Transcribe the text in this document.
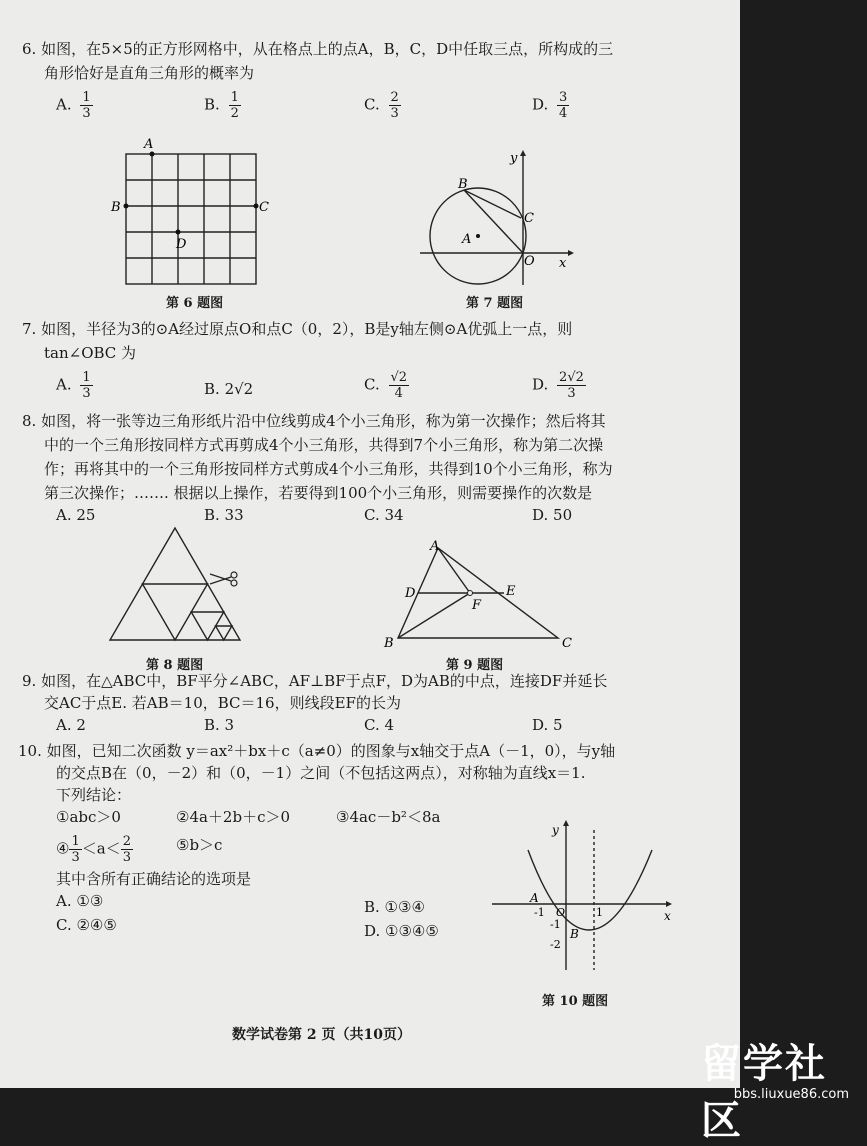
6. 如图，在5×5的正方形网格中，从在格点上的点A，B，C，D中任取三点，所构成的三
角形恰好是直角三角形的概率为
A. $\frac{1}{3}$	B. $\frac{1}{2}$	C. $\frac{2}{3}$	D. $\frac{3}{4}$
A
B	C
D
第 6 题图
B
C
A
O x
y
第 7 题图
7. 如图，半径为3的⊙A经过原点O和点C（0，2），B是y轴左侧⊙A优弧上一点，则
tan∠OBC 为
A. $\frac{1}{3}$	B. 2√2	C. $\frac{√2}{4}$	D. $\frac{2√2}{3}$
8. 如图，将一张等边三角形纸片沿中位线剪成4个小三角形，称为第一次操作；然后将其
中的一个三角形按同样方式再剪成4个小三角形，共得到7个小三角形，称为第二次操
作；再将其中的一个三角形按同样方式剪成4个小三角形，共得到10个小三角形，称为
第三次操作；……. 根据以上操作，若要得到100个小三角形，则需要操作的次数是
A. 25	B. 33	C. 34	D. 50
第 8 题图
A
B	C
D	E
F
第 9 题图
9. 如图，在△ABC中，BF平分∠ABC，AF⊥BF于点F，D为AB的中点，连接DF并延长
交AC于点E. 若AB＝10，BC＝16，则线段EF的长为
A. 2	B. 3	C. 4	D. 5
10. 如图，已知二次函数 y＝ax²＋bx＋c（a≠0）的图象与x轴交于点A（－1，0），与y轴
的交点B在（0，－2）和（0，－1）之间（不包括这两点），对称轴为直线x＝1.
下列结论：
①abc＞0	②4a＋2b＋c＞0	③4ac－b²＜8a
④ $\frac{1}{3} <a< \frac{2}{3}$	⑤b＞c
其中含所有正确结论的选项是
A. ①③	B. ①③④
C. ②④⑤	D. ①③④⑤
y
x
A
-1 O	1
-1
-2
B
第 10 题图
数学试卷第 2 页（共10页）
留学社区
bbs.liuxue86.com
